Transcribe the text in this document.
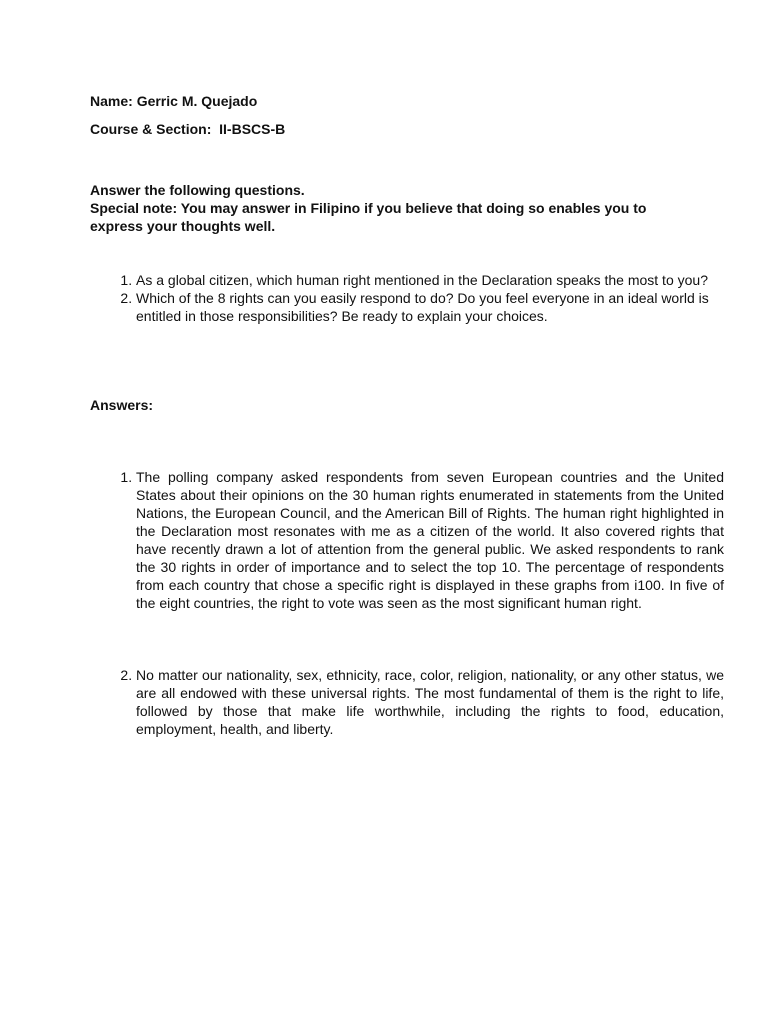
Name: Gerric M. Quejado
Course & Section: II-BSCS-B
Answer the following questions.
Special note: You may answer in Filipino if you believe that doing so enables you to express your thoughts well.
1. As a global citizen, which human right mentioned in the Declaration speaks the most to you?
2. Which of the 8 rights can you easily respond to do? Do you feel everyone in an ideal world is entitled in those responsibilities? Be ready to explain your choices.
Answers:
1. The polling company asked respondents from seven European countries and the United States about their opinions on the 30 human rights enumerated in statements from the United Nations, the European Council, and the American Bill of Rights. The human right highlighted in the Declaration most resonates with me as a citizen of the world. It also covered rights that have recently drawn a lot of attention from the general public. We asked respondents to rank the 30 rights in order of importance and to select the top 10. The percentage of respondents from each country that chose a specific right is displayed in these graphs from i100. In five of the eight countries, the right to vote was seen as the most significant human right.
2. No matter our nationality, sex, ethnicity, race, color, religion, nationality, or any other status, we are all endowed with these universal rights. The most fundamental of them is the right to life, followed by those that make life worthwhile, including the rights to food, education, employment, health, and liberty.
